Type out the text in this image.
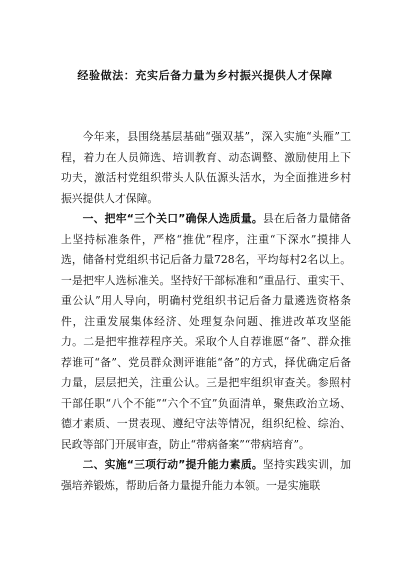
经验做法：充实后备力量为乡村振兴提供人才保障

今年来，县围绕基层基础“强双基”，深入实施“头雁”工程，着力在人员筛选、培训教育、动态调整、激励使用上下功夫，激活村党组织带头人队伍源头活水，为全面推进乡村振兴提供人才保障。

一、把牢“三个关口”确保人选质量。县在后备力量储备上坚持标准条件，严格“推优”程序，注重“下深水”摸排人选，储备村党组织书记后备力量728名，平均每村2名以上。一是把牢人选标准关。坚持好干部标准和“重品行、重实干、重公认”用人导向，明确村党组织书记后备力量遴选资格条件，注重发展集体经济、处理复杂问题、推进改革攻坚能力。二是把牢推荐程序关。采取个人自荐谁愿“备”、群众推荐谁可“备”、党员群众测评谁能“备”的方式，择优确定后备力量，层层把关，注重公认。三是把牢组织审查关。参照村干部任职“八个不能”“六个不宜”负面清单，聚焦政治立场、德才素质、一贯表现、遵纪守法等情况，组织纪检、综治、民政等部门开展审查，防止“带病备案”“带病培育”。

二、实施“三项行动”提升能力素质。坚持实践实训，加强培养锻炼，帮助后备力量提升能力本领。一是实施联
